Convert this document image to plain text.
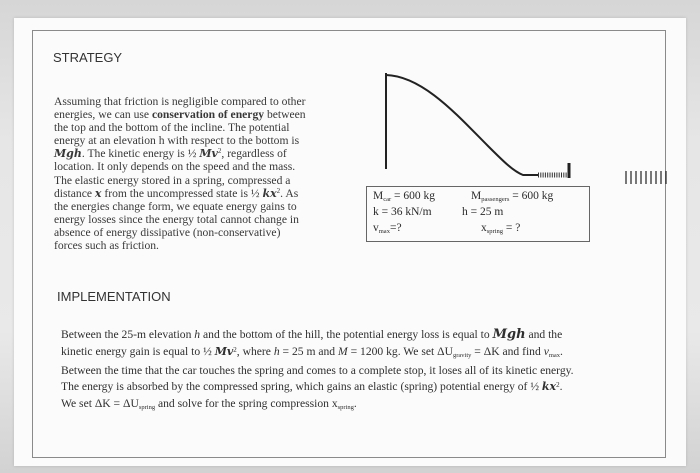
STRATEGY
Assuming that friction is negligible compared to other
energies, we can use conservation of energy between
the top and the bottom of the incline. The potential
energy at an elevation h with respect to the bottom is
Mgh. The kinetic energy is ½ Mv$^2$, regardless of
location. It only depends on the speed and the mass.
The elastic energy stored in a spring, compressed a
distance x from the uncompressed state is ½ $kx^2$. As
the energies change form, we equate energy gains to
energy losses since the energy total cannot change in
absence of energy dissipative (non-conservative)
forces such as friction.
$M_{car} = 600$ kg	$M_{passengers} = 600$ kg
k = 36 kN/m	h = 25 m
$v_{max}=$?	$x_{spring}$ = ?
IMPLEMENTATION
Between the 25-m elevation h and the bottom of the hill, the potential energy loss is equal to Mgh and the
kinetic energy gain is equal to ½ Mv$^2$, where h = 25 m and M = 1200 kg. We set $\Delta U_{gravity} = \Delta K$ and find $v_{max}$.
Between the time that the car touches the spring and comes to a complete stop, it loses all of its kinetic energy.
The energy is absorbed by the compressed spring, which gains an elastic (spring) potential energy of ½ $kx^2$.
We set $\Delta K = \Delta U_{spring}$ and solve for the spring compression $x_{spring}$.
